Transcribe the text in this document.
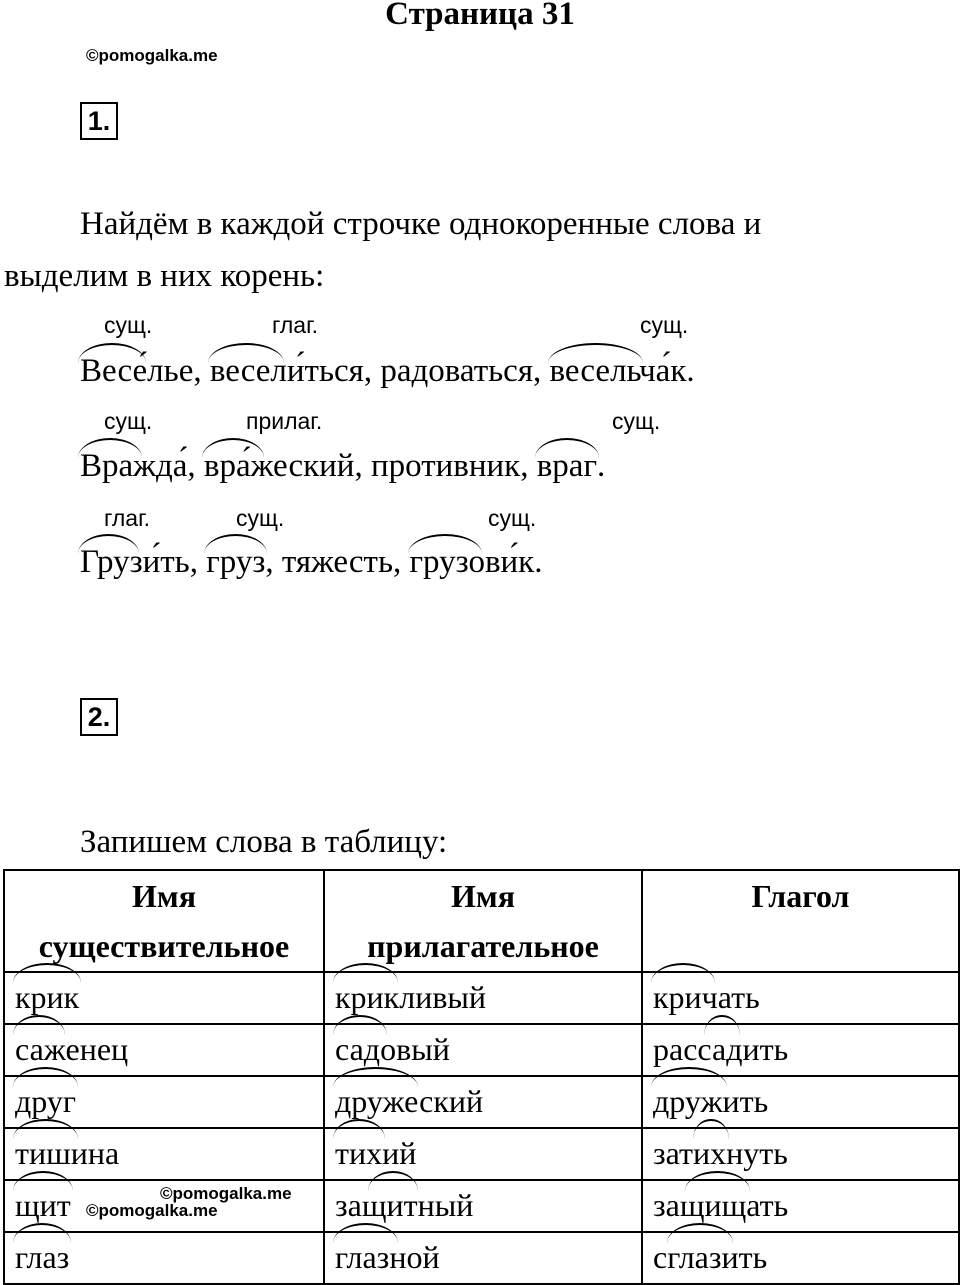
Страница 31
©pomogalka.me
1.
Найдём в каждой строчке однокоренные слова и
выделим в них корень:
сущ.	глаг.	сущ.
Весе́лье,
весели́ться, радоваться,
весельча́к.
сущ.	прилаг.	сущ.
Вражда́,
вра́жеский, противник,
враг.
глаг.	сущ.	сущ.
Грузи́ть,
груз, тяжесть,
грузови́к.
2.
Запишем слова в таблицу:
Имя
существительное	Имя
прилагательное	Глагол

крик	крикливый	кричать

саженец	садовый	рассадить

друг	дружеский	дружить

тишина	тихий	затихнуть

щит	защитный	защищать

глаз	глазной	сглазить
©pomogalka.me
©pomogalka.me
